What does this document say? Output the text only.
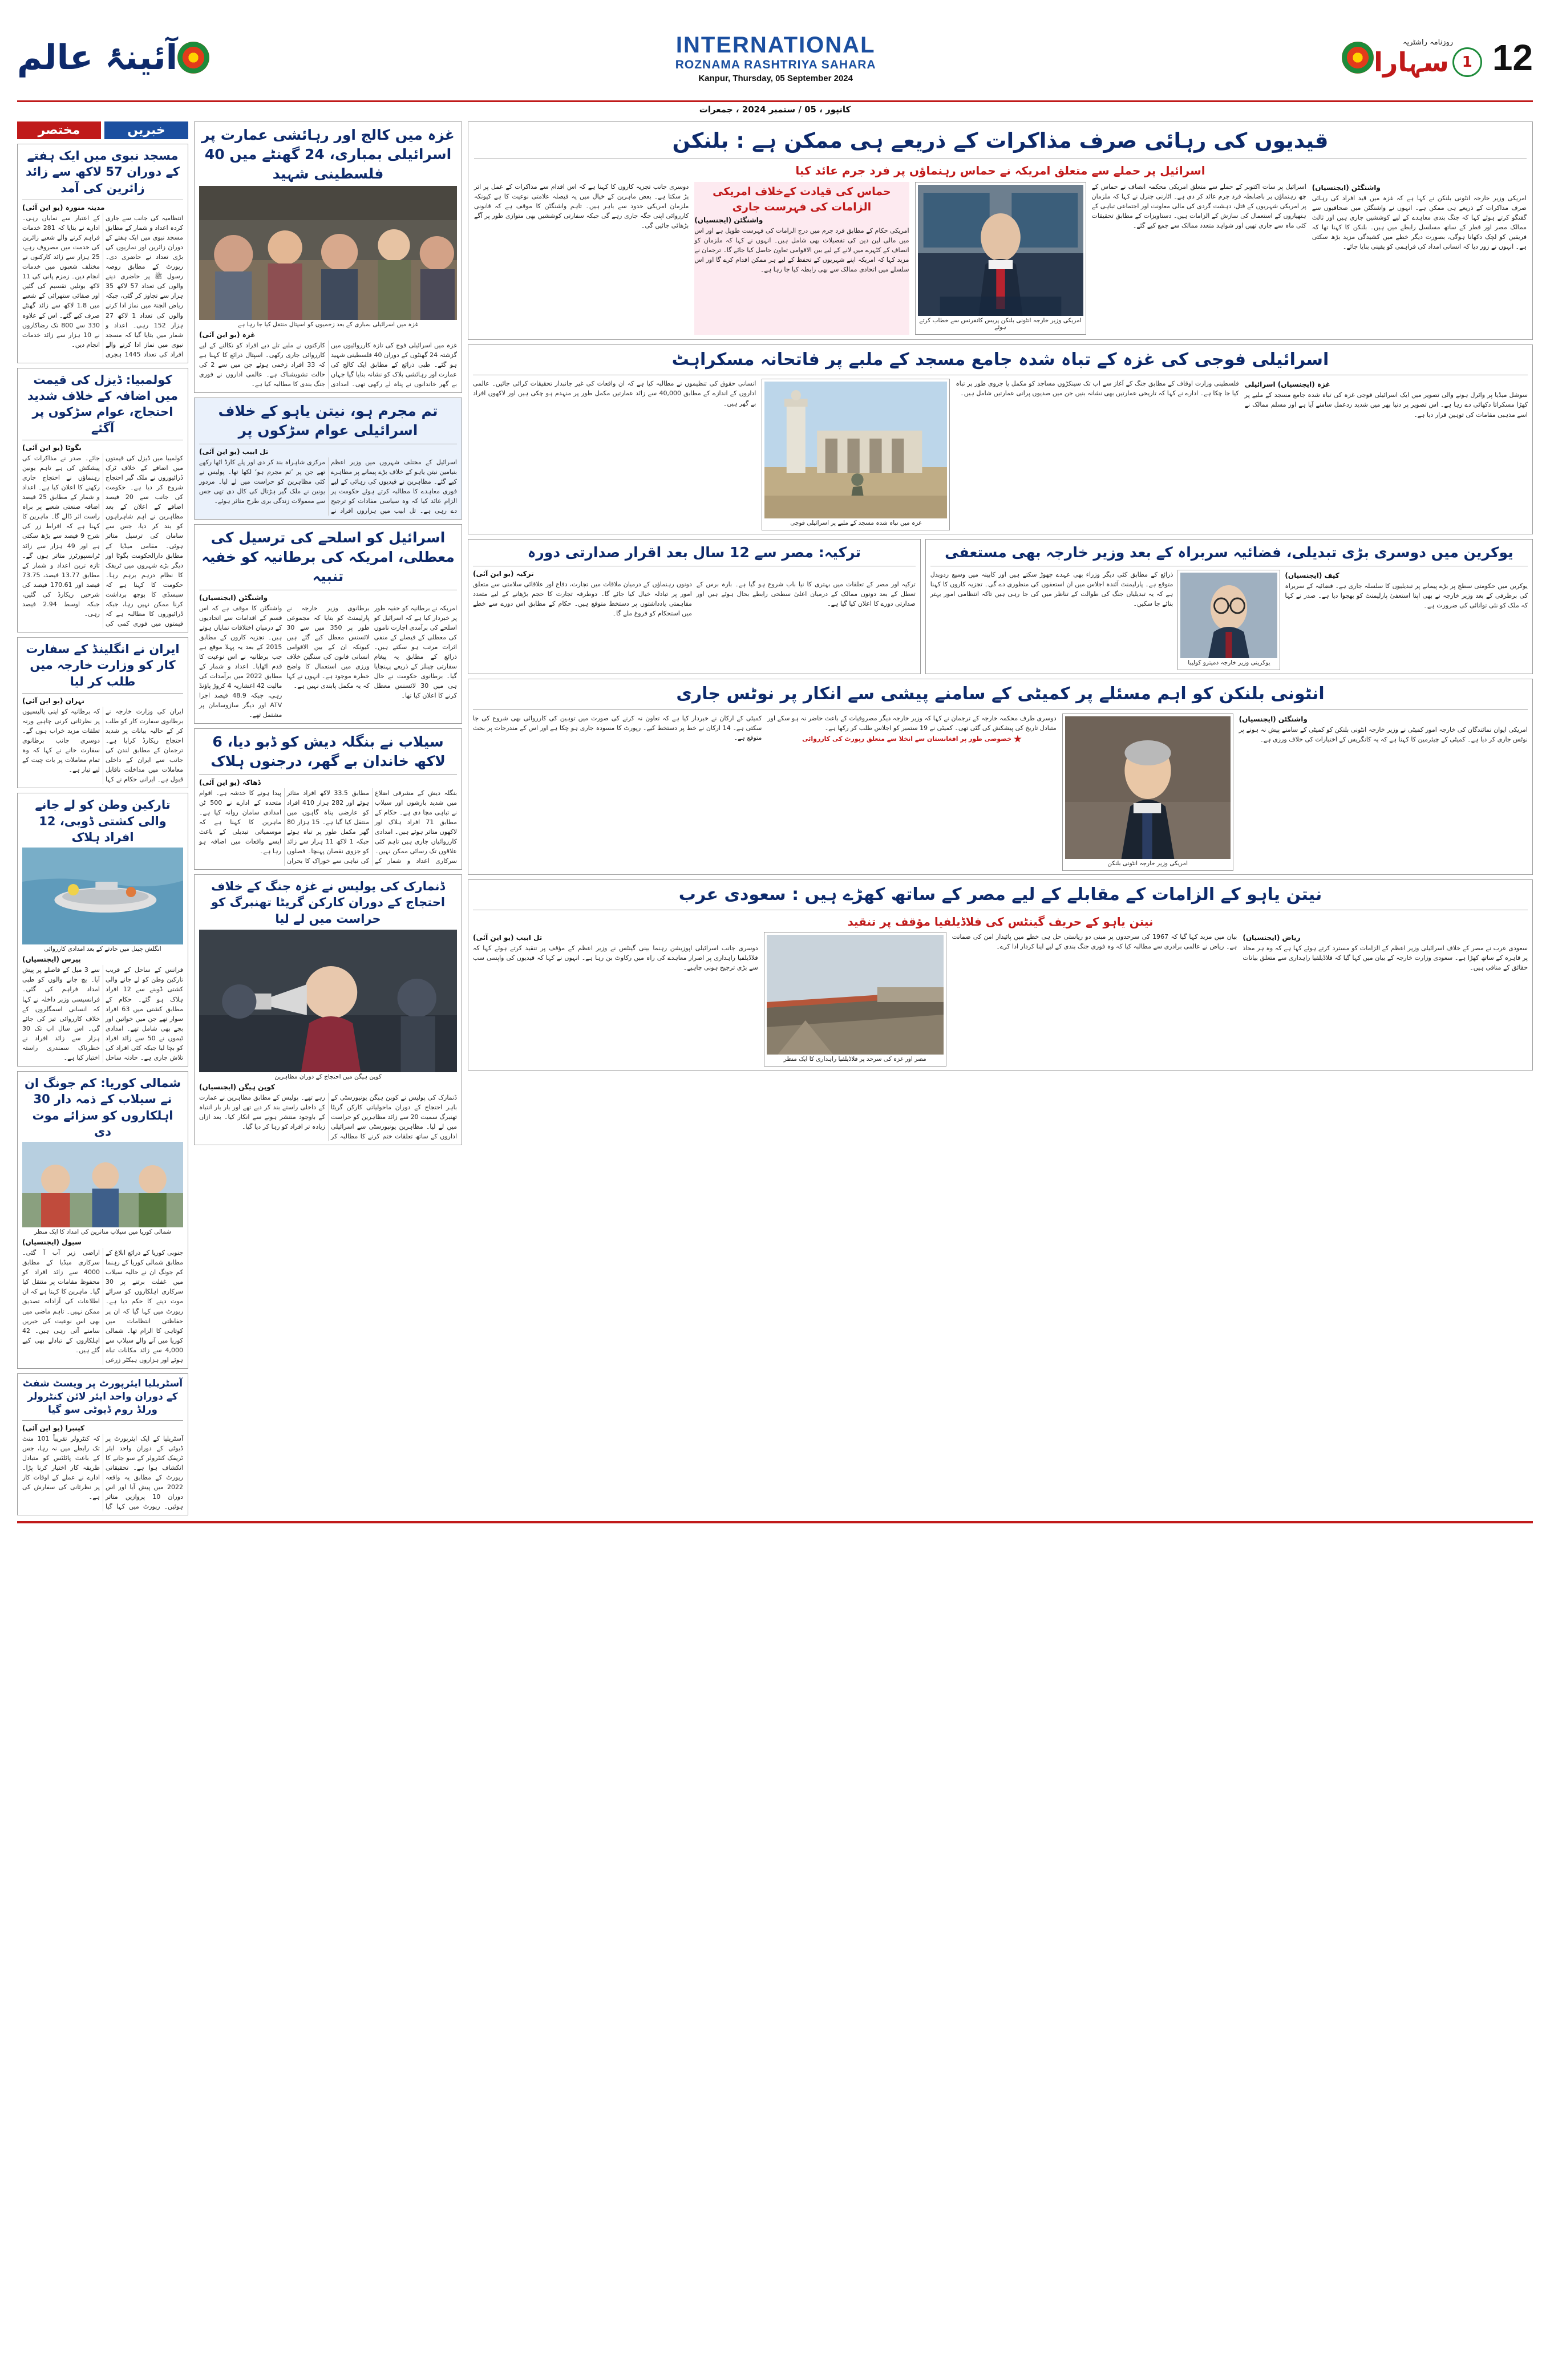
12
روزنامہ راشٹریہ
1
سہارا
INTERNATIONAL
ROZNAMA RASHTRIYA SAHARA
Kanpur, Thursday, 05 September 2024
آئینۂ عالم
کانپور ، 05 / ستمبر 2024 ، جمعرات
قیدیوں کی رہائی صرف مذاکرات کے ذریعے ہی ممکن ہے : بلنکن
اسرائیل پر حملے سے متعلق امریکہ نے حماس رہنماؤں پر فرد جرم عائد کیا
واشنگٹن (ایجنسیاں)
امریکی وزیر خارجہ انٹونی بلنکن نے کہا ہے کہ غزہ میں قید افراد کی رہائی صرف مذاکرات کے ذریعے ہی ممکن ہے۔ انہوں نے واشنگٹن میں صحافیوں سے گفتگو کرتے ہوئے کہا کہ جنگ بندی معاہدے کے لیے کوششیں جاری ہیں اور ثالث ممالک مصر اور قطر کے ساتھ مسلسل رابطے میں ہیں۔ بلنکن کا کہنا تھا کہ فریقین کو لچک دکھانا ہوگی، بصورت دیگر خطے میں کشیدگی مزید بڑھ سکتی ہے۔ انہوں نے زور دیا کہ انسانی امداد کی فراہمی کو یقینی بنایا جائے۔
اسرائیل پر سات اکتوبر کے حملے سے متعلق امریکی محکمہ انصاف نے حماس کے چھ رہنماؤں پر باضابطہ فرد جرم عائد کر دی ہے۔ اٹارنی جنرل نے کہا کہ ملزمان پر امریکی شہریوں کے قتل، دہشت گردی کی مالی معاونت اور اجتماعی تباہی کے ہتھیاروں کے استعمال کی سازش کے الزامات ہیں۔ دستاویزات کے مطابق تحقیقات کئی ماہ سے جاری تھیں اور شواہد متعدد ممالک سے جمع کیے گئے۔
امریکی وزیر خارجہ انٹونی بلنکن پریس کانفرنس سے خطاب کرتے ہوئے
حماس کی قیادت کےخلاف امریکی الزامات کی فہرست جاری
واشنگٹن (ایجنسیاں)
امریکی حکام کے مطابق فرد جرم میں درج الزامات کی فہرست طویل ہے اور اس میں مالی لین دین کی تفصیلات بھی شامل ہیں۔ انہوں نے کہا کہ ملزمان کو انصاف کے کٹہرے میں لانے کے لیے بین الاقوامی تعاون حاصل کیا جائے گا۔ ترجمان نے مزید کہا کہ امریکہ اپنے شہریوں کے تحفظ کے لیے ہر ممکن اقدام کرے گا اور اس سلسلے میں اتحادی ممالک سے بھی رابطہ کیا جا رہا ہے۔
دوسری جانب تجزیہ کاروں کا کہنا ہے کہ اس اقدام سے مذاکرات کے عمل پر اثر پڑ سکتا ہے۔ بعض ماہرین کے خیال میں یہ فیصلہ علامتی نوعیت کا ہے کیونکہ ملزمان امریکی حدود سے باہر ہیں۔ تاہم واشنگٹن کا موقف ہے کہ قانونی کارروائی اپنی جگہ جاری رہے گی جبکہ سفارتی کوششیں بھی متوازی طور پر آگے بڑھائی جائیں گی۔
اسرائیلی فوجی کی غزہ کے تباہ شدہ جامع مسجد کے ملبے پر فاتحانہ مسکراہٹ
غزہ (ایجنسیاں) اسرائیلی
سوشل میڈیا پر وائرل ہونے والی تصویر میں ایک اسرائیلی فوجی غزہ کی تباہ شدہ جامع مسجد کے ملبے پر کھڑا مسکراتا دکھائی دے رہا ہے۔ اس تصویر پر دنیا بھر میں شدید ردعمل سامنے آیا ہے اور مسلم ممالک نے اسے مذہبی مقامات کی توہین قرار دیا ہے۔
فلسطینی وزارت اوقاف کے مطابق جنگ کے آغاز سے اب تک سینکڑوں مساجد کو مکمل یا جزوی طور پر تباہ کیا جا چکا ہے۔ ادارے نے کہا کہ تاریخی عمارتیں بھی نشانہ بنیں جن میں صدیوں پرانی عمارتیں شامل ہیں۔
غزہ میں تباہ شدہ مسجد کے ملبے پر اسرائیلی فوجی
انسانی حقوق کی تنظیموں نے مطالبہ کیا ہے کہ ان واقعات کی غیر جانبدار تحقیقات کرائی جائیں۔ عالمی اداروں کے اندازے کے مطابق 40,000 سے زائد عمارتیں مکمل طور پر منہدم ہو چکی ہیں اور لاکھوں افراد بے گھر ہیں۔
یوکرین میں دوسری بڑی تبدیلی، فضائیہ سربراہ کے بعد وزیر خارجہ بھی مستعفی
کیف (ایجنسیاں)
یوکرین میں حکومتی سطح پر بڑے پیمانے پر تبدیلیوں کا سلسلہ جاری ہے۔ فضائیہ کے سربراہ کی برطرفی کے بعد وزیر خارجہ نے بھی اپنا استعفیٰ پارلیمنٹ کو بھجوا دیا ہے۔ صدر نے کہا کہ ملک کو نئی توانائی کی ضرورت ہے۔
یوکرینی وزیر خارجہ دمیترو کولیبا
ذرائع کے مطابق کئی دیگر وزراء بھی عہدے چھوڑ سکتے ہیں اور کابینہ میں وسیع ردوبدل متوقع ہے۔ پارلیمنٹ آئندہ اجلاس میں ان استعفوں کی منظوری دے گی۔ تجزیہ کاروں کا کہنا ہے کہ یہ تبدیلیاں جنگ کی طوالت کے تناظر میں کی جا رہی ہیں تاکہ انتظامی امور بہتر بنائے جا سکیں۔
ترکیہ: مصر سے 12 سال بعد اقرار صدارتی دورہ
ترکیہ (یو این آئی)
ترکیہ اور مصر کے تعلقات میں بہتری کا نیا باب شروع ہو گیا ہے۔ بارہ برس کے تعطل کے بعد دونوں ممالک کے درمیان اعلیٰ سطحی رابطے بحال ہوئے ہیں اور صدارتی دورے کا اعلان کیا گیا ہے۔
دونوں رہنماؤں کے درمیان ملاقات میں تجارت، دفاع اور علاقائی سلامتی سے متعلق امور پر تبادلہ خیال کیا جائے گا۔ دوطرفہ تجارت کا حجم بڑھانے کے لیے متعدد مفاہمتی یادداشتوں پر دستخط متوقع ہیں۔ حکام کے مطابق اس دورے سے خطے میں استحکام کو فروغ ملے گا۔
انٹونی بلنکن کو اہم مسئلے پر کمیٹی کے سامنے پیشی سے انکار پر نوٹس جاری
واشنگٹن (ایجنسیاں)
امریکی ایوان نمائندگان کی خارجہ امور کمیٹی نے وزیر خارجہ انٹونی بلنکن کو کمیٹی کے سامنے پیش نہ ہونے پر نوٹس جاری کر دیا ہے۔ کمیٹی کے چیئرمین کا کہنا ہے کہ یہ کانگریس کے اختیارات کی خلاف ورزی ہے۔
امریکی وزیر خارجہ انٹونی بلنکن
دوسری طرف محکمہ خارجہ کے ترجمان نے کہا کہ وزیر خارجہ دیگر مصروفیات کے باعث حاضر نہ ہو سکے اور متبادل تاریخ کی پیشکش کی گئی تھی۔ کمیٹی نے 19 ستمبر کو اجلاس طلب کر رکھا ہے۔
خصوصی طور پر افغانستان سے انخلا سے متعلق رپورٹ کی کارروائی
کمیٹی کے ارکان نے خبردار کیا ہے کہ تعاون نہ کرنے کی صورت میں توہین کی کارروائی بھی شروع کی جا سکتی ہے۔ 14 ارکان نے خط پر دستخط کیے۔ رپورٹ کا مسودہ جاری ہو چکا ہے اور اس کے مندرجات پر بحث متوقع ہے۔
نیتن یاہو کے الزامات کے مقابلے کے لیے مصر کے ساتھ کھڑے ہیں : سعودی عرب
نیتن یاہو کے حریف گینٹس کی فلاڈیلفیا مؤقف پر تنقید
ریاض (ایجنسیاں)
سعودی عرب نے مصر کے خلاف اسرائیلی وزیر اعظم کے الزامات کو مسترد کرتے ہوئے کہا ہے کہ وہ ہر محاذ پر قاہرہ کے ساتھ کھڑا ہے۔ سعودی وزارت خارجہ کے بیان میں کہا گیا کہ فلاڈیلفیا راہداری سے متعلق بیانات حقائق کے منافی ہیں۔
بیان میں مزید کہا گیا کہ 1967 کی سرحدوں پر مبنی دو ریاستی حل ہی خطے میں پائیدار امن کی ضمانت ہے۔ ریاض نے عالمی برادری سے مطالبہ کیا کہ وہ فوری جنگ بندی کے لیے اپنا کردار ادا کرے۔
مصر اور غزہ کی سرحد پر فلاڈیلفیا راہداری کا ایک منظر
تل ابیب (یو این آئی)
دوسری جانب اسرائیلی اپوزیشن رہنما بینی گینٹس نے وزیر اعظم کے مؤقف پر تنقید کرتے ہوئے کہا کہ فلاڈیلفیا راہداری پر اصرار معاہدے کی راہ میں رکاوٹ بن رہا ہے۔ انہوں نے کہا کہ قیدیوں کی واپسی سب سے بڑی ترجیح ہونی چاہیے۔
غزہ میں کالج اور رہائشی عمارت پر اسرائیلی بمباری، 24 گھنٹے میں 40 فلسطینی شہید
غزہ میں اسرائیلی بمباری کے بعد زخمیوں کو اسپتال منتقل کیا جا رہا ہے
غزہ (یو این آئی)
غزہ میں اسرائیلی فوج کی تازہ کارروائیوں میں گزشتہ 24 گھنٹوں کے دوران 40 فلسطینی شہید ہو گئے۔ طبی ذرائع کے مطابق ایک کالج کی عمارت اور رہائشی بلاک کو نشانہ بنایا گیا جہاں بے گھر خاندانوں نے پناہ لے رکھی تھی۔ امدادی کارکنوں نے ملبے تلے دبے افراد کو نکالنے کے لیے کارروائی جاری رکھی۔ اسپتال ذرائع کا کہنا ہے کہ 33 افراد زخمی ہوئے جن میں سے 2 کی حالت تشویشناک ہے۔ عالمی اداروں نے فوری جنگ بندی کا مطالبہ کیا ہے۔
تم مجرم ہو، نیتن یاہو کے خلاف اسرائیلی عوام سڑکوں پر
تل ابیب (یو این آئی)
اسرائیل کے مختلف شہروں میں وزیر اعظم بنیامین نیتن یاہو کے خلاف بڑے پیمانے پر مظاہرے کیے گئے۔ مظاہرین نے قیدیوں کی رہائی کے لیے فوری معاہدے کا مطالبہ کرتے ہوئے حکومت پر الزام عائد کیا کہ وہ سیاسی مفادات کو ترجیح دے رہی ہے۔ تل ابیب میں ہزاروں افراد نے مرکزی شاہراہ بند کر دی اور پلے کارڈ اٹھا رکھے تھے جن پر ’تم مجرم ہو‘ لکھا تھا۔ پولیس نے کئی مظاہرین کو حراست میں لے لیا۔ مزدور یونین نے ملک گیر ہڑتال کی کال دی تھی جس سے معمولات زندگی بری طرح متاثر ہوئے۔
اسرائیل کو اسلحے کی ترسیل کی معطلی، امریکہ کی برطانیہ کو خفیہ تنبیہ
واشنگٹن (ایجنسیاں)
امریکہ نے برطانیہ کو خفیہ طور پر خبردار کیا ہے کہ اسرائیل کو اسلحے کی برآمدی اجازت ناموں کی معطلی کے فیصلے کے منفی اثرات مرتب ہو سکتے ہیں۔ ذرائع کے مطابق یہ پیغام سفارتی چینلز کے ذریعے پہنچایا گیا۔ برطانوی حکومت نے حال ہی میں 30 لائسنس معطل کرنے کا اعلان کیا تھا۔
برطانوی وزیر خارجہ نے پارلیمنٹ کو بتایا کہ مجموعی طور پر 350 میں سے 30 لائسنس معطل کیے گئے ہیں کیونکہ ان کے بین الاقوامی انسانی قانون کی سنگین خلاف ورزی میں استعمال کا واضح خطرہ موجود ہے۔ انہوں نے کہا کہ یہ مکمل پابندی نہیں ہے۔
واشنگٹن کا موقف ہے کہ اس قسم کے اقدامات سے اتحادیوں کے درمیان اختلافات نمایاں ہوتے ہیں۔ تجزیہ کاروں کے مطابق 2015 کے بعد یہ پہلا موقع ہے جب برطانیہ نے اس نوعیت کا قدم اٹھایا۔ اعداد و شمار کے مطابق 2022 میں برآمدات کی مالیت 42 اعشاریہ 4 کروڑ پاؤنڈ رہی، جبکہ 48.9 فیصد اجزا ATV اور دیگر سازوسامان پر مشتمل تھے۔
سیلاب نے بنگلہ دیش کو ڈبو دیا، 6 لاکھ خاندان بے گھر، درجنوں ہلاک
ڈھاکہ (یو این آئی)
بنگلہ دیش کے مشرقی اضلاع میں شدید بارشوں اور سیلاب نے تباہی مچا دی ہے۔ حکام کے مطابق 71 افراد ہلاک اور لاکھوں متاثر ہوئے ہیں۔ امدادی کارروائیاں جاری ہیں تاہم کئی علاقوں تک رسائی ممکن نہیں۔ سرکاری اعداد و شمار کے مطابق 33.5 لاکھ افراد متاثر ہوئے اور 282 ہزار 410 افراد کو عارضی پناہ گاہوں میں منتقل کیا گیا ہے۔ 15 ہزار 80 گھر مکمل طور پر تباہ ہوئے جبکہ 1 لاکھ 11 ہزار سے زائد کو جزوی نقصان پہنچا۔ فصلوں کی تباہی سے خوراک کا بحران پیدا ہونے کا خدشہ ہے۔ اقوام متحدہ کے ادارے نے 500 ٹن امدادی سامان روانہ کیا ہے۔ ماہرین کا کہنا ہے کہ موسمیاتی تبدیلی کے باعث ایسے واقعات میں اضافہ ہو رہا ہے۔
ڈنمارک کی پولیس نے غزہ جنگ کے خلاف احتجاج کے دوران کارکن گریٹا تھنبرگ کو حراست میں لے لیا
کوپن ہیگن میں احتجاج کے دوران مظاہرین
کوپن ہیگن (ایجنسیاں)
ڈنمارک کی پولیس نے کوپن ہیگن یونیورسٹی کے باہر احتجاج کے دوران ماحولیاتی کارکن گریٹا تھنبرگ سمیت 20 سے زائد مظاہرین کو حراست میں لے لیا۔ مظاہرین یونیورسٹی سے اسرائیلی اداروں کے ساتھ تعلقات ختم کرنے کا مطالبہ کر رہے تھے۔ پولیس کے مطابق مظاہرین نے عمارت کے داخلی راستے بند کر دیے تھے اور بار بار انتباہ کے باوجود منتشر ہونے سے انکار کیا۔ بعد ازاں زیادہ تر افراد کو رہا کر دیا گیا۔
خبریں
مختصر
مسجد نبوی میں ایک ہفتے کے دوران 57 لاکھ سے زائد زائرین کی آمد
مدینہ منورہ (یو این آئی)
انتظامیہ کی جانب سے جاری کردہ اعداد و شمار کے مطابق مسجد نبوی میں ایک ہفتے کے دوران زائرین اور نمازیوں کی بڑی تعداد نے حاضری دی۔ رپورٹ کے مطابق روضہ رسول ﷺ پر حاضری دینے والوں کی تعداد 57 لاکھ 35 ہزار سے تجاوز کر گئی، جبکہ ریاض الجنۃ میں نماز ادا کرنے والوں کی تعداد 1 لاکھ 27 ہزار 152 رہی۔ اعداد و شمار میں بتایا گیا کہ مسجد نبوی میں نماز ادا کرنے والے افراد کی تعداد 1445 ہجری کے اعتبار سے نمایاں رہی۔ ادارے نے بتایا کہ 281 خدمات فراہم کرنے والے شعبے زائرین کی خدمت میں مصروف رہے، 25 ہزار سے زائد کارکنوں نے مختلف شعبوں میں خدمات انجام دیں۔ زمزم پانی کی 11 لاکھ بوتلیں تقسیم کی گئیں اور صفائی ستھرائی کے شعبے میں 1.8 لاکھ سے زائد گھنٹے صرف کیے گئے۔ اس کے علاوہ 330 سے 800 تک رضاکاروں نے 10 ہزار سے زائد خدمات انجام دیں۔
کولمبیا: ڈیزل کی قیمت میں اضافہ کے خلاف شدید احتجاج، عوام سڑکوں پر آگئے
بگوٹا (یو این آئی)
کولمبیا میں ڈیزل کی قیمتوں میں اضافے کے خلاف ٹرک ڈرائیوروں نے ملک گیر احتجاج شروع کر دیا ہے۔ حکومت کی جانب سے 20 فیصد اضافے کے اعلان کے بعد مظاہرین نے اہم شاہراہوں کو بند کر دیا، جس سے سامان کی ترسیل متاثر ہوئی۔ مقامی میڈیا کے مطابق دارالحکومت بگوٹا اور دیگر بڑے شہروں میں ٹریفک کا نظام درہم برہم رہا۔ حکومت کا کہنا ہے کہ سبسڈی کا بوجھ برداشت کرنا ممکن نہیں رہا، جبکہ ڈرائیوروں کا مطالبہ ہے کہ قیمتوں میں فوری کمی کی جائے۔ صدر نے مذاکرات کی پیشکش کی ہے تاہم یونین رہنماؤں نے احتجاج جاری رکھنے کا اعلان کیا ہے۔ اعداد و شمار کے مطابق 25 فیصد اضافہ صنعتی شعبے پر براہ راست اثر ڈالے گا۔ ماہرین کا کہنا ہے کہ افراط زر کی شرح 9 فیصد سے بڑھ سکتی ہے اور 49 ہزار سے زائد ٹرانسپورٹرز متاثر ہوں گے۔ تازہ ترین اعداد و شمار کے مطابق 13.77 فیصد، 73.75 فیصد اور 170.61 فیصد کی شرحیں ریکارڈ کی گئیں، جبکہ اوسط 2.94 فیصد رہی۔
ایران نے انگلینڈ کے سفارت کار کو وزارت خارجہ میں طلب کر لیا
تہران (یو این آئی)
ایران کی وزارت خارجہ نے برطانوی سفارت کار کو طلب کر کے حالیہ بیانات پر شدید احتجاج ریکارڈ کرایا ہے۔ ترجمان کے مطابق لندن کی جانب سے ایران کے داخلی معاملات میں مداخلت ناقابل قبول ہے۔ ایرانی حکام نے کہا کہ برطانیہ کو اپنی پالیسیوں پر نظرثانی کرنی چاہیے ورنہ تعلقات مزید خراب ہوں گے۔ دوسری جانب برطانوی سفارت خانے نے کہا کہ وہ تمام معاملات پر بات چیت کے لیے تیار ہے۔
تارکین وطن کو لے جانے والی کشتی ڈوبی، 12 افراد ہلاک
انگلش چینل میں حادثے کے بعد امدادی کارروائی
پیرس (ایجنسیاں)
فرانس کے ساحل کے قریب تارکین وطن کو لے جانے والی کشتی ڈوبنے سے 12 افراد ہلاک ہو گئے۔ حکام کے مطابق کشتی میں 63 افراد سوار تھے جن میں خواتین اور بچے بھی شامل تھے۔ امدادی ٹیموں نے 50 سے زائد افراد کو بچا لیا جبکہ کئی افراد کی تلاش جاری ہے۔ حادثہ ساحل سے 3 میل کے فاصلے پر پیش آیا۔ بچ جانے والوں کو طبی امداد فراہم کی گئی۔ فرانسیسی وزیر داخلہ نے کہا کہ انسانی اسمگلروں کے خلاف کارروائی تیز کی جائے گی۔ اس سال اب تک 30 ہزار سے زائد افراد نے خطرناک سمندری راستہ اختیار کیا ہے۔
شمالی کوریا: کم جونگ ان نے سیلاب کے ذمہ دار 30 اہلکاروں کو سزائے موت دی
شمالی کوریا میں سیلاب متاثرین کی امداد کا ایک منظر
سیول (ایجنسیاں)
جنوبی کوریا کے ذرائع ابلاغ کے مطابق شمالی کوریا کے رہنما کم جونگ ان نے حالیہ سیلاب میں غفلت برتنے پر 30 سرکاری اہلکاروں کو سزائے موت دینے کا حکم دیا ہے۔ رپورٹ میں کہا گیا کہ ان پر حفاظتی انتظامات میں کوتاہی کا الزام تھا۔ شمالی کوریا میں آنے والے سیلاب سے 4,000 سے زائد مکانات تباہ ہوئے اور ہزاروں ہیکٹر زرعی اراضی زیر آب آ گئی۔ سرکاری میڈیا کے مطابق 4000 سے زائد افراد کو محفوظ مقامات پر منتقل کیا گیا۔ ماہرین کا کہنا ہے کہ ان اطلاعات کی آزادانہ تصدیق ممکن نہیں۔ تاہم ماضی میں بھی اس نوعیت کی خبریں سامنے آتی رہی ہیں۔ 42 اہلکاروں کے تبادلے بھی کیے گئے ہیں۔
آسٹریلیا ایئرپورٹ پر ویسٹ شفٹ کے دوران واحد ایئر لائن کنٹرولر ورلڈ روم ڈیوٹی سو گیا
کینبرا (یو این آئی)
آسٹریلیا کے ایک ایئرپورٹ پر ڈیوٹی کے دوران واحد ایئر ٹریفک کنٹرولر کے سو جانے کا انکشاف ہوا ہے۔ تحقیقاتی رپورٹ کے مطابق یہ واقعہ 2022 میں پیش آیا اور اس دوران 10 پروازیں متاثر ہوئیں۔ رپورٹ میں کہا گیا کہ کنٹرولر تقریباً 101 منٹ تک رابطے میں نہ رہا، جس کے باعث پائلٹس کو متبادل طریقہ کار اختیار کرنا پڑا۔ ادارے نے عملے کے اوقات کار پر نظرثانی کی سفارش کی ہے۔
